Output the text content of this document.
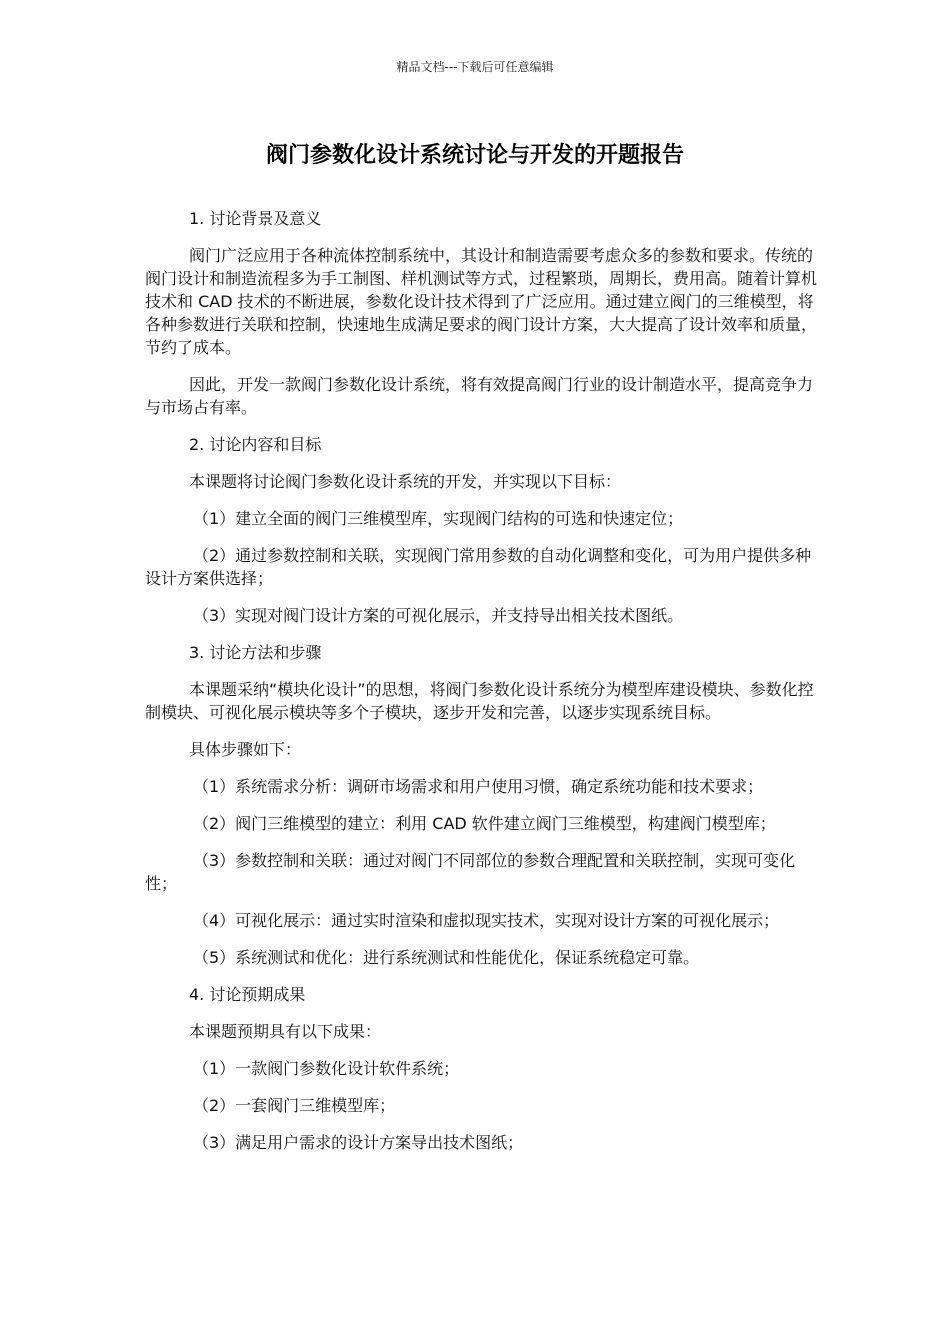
精品文档---下载后可任意编辑
阀门参数化设计系统讨论与开发的开题报告

1. 讨论背景及意义

阀门广泛应用于各种流体控制系统中，其设计和制造需要考虑众多的参数和要求。传统的阀门设计和制造流程多为手工制图、样机测试等方式，过程繁琐，周期长，费用高。随着计算机技术和 CAD 技术的不断进展，参数化设计技术得到了广泛应用。通过建立阀门的三维模型，将各种参数进行关联和控制，快速地生成满足要求的阀门设计方案，大大提高了设计效率和质量，节约了成本。

因此，开发一款阀门参数化设计系统，将有效提高阀门行业的设计制造水平，提高竞争力与市场占有率。

2. 讨论内容和目标

本课题将讨论阀门参数化设计系统的开发，并实现以下目标：

（1）建立全面的阀门三维模型库，实现阀门结构的可选和快速定位；

（2）通过参数控制和关联，实现阀门常用参数的自动化调整和变化，可为用户提供多种设计方案供选择；

（3）实现对阀门设计方案的可视化展示，并支持导出相关技术图纸。

3. 讨论方法和步骤

本课题采纳“模块化设计”的思想，将阀门参数化设计系统分为模型库建设模块、参数化控制模块、可视化展示模块等多个子模块，逐步开发和完善，以逐步实现系统目标。

具体步骤如下：

（1）系统需求分析：调研市场需求和用户使用习惯，确定系统功能和技术要求；

（2）阀门三维模型的建立：利用 CAD 软件建立阀门三维模型，构建阀门模型库；

（3）参数控制和关联：通过对阀门不同部位的参数合理配置和关联控制，实现可变化性；

（4）可视化展示：通过实时渲染和虚拟现实技术，实现对设计方案的可视化展示；

（5）系统测试和优化：进行系统测试和性能优化，保证系统稳定可靠。

4. 讨论预期成果

本课题预期具有以下成果：

（1）一款阀门参数化设计软件系统；

（2）一套阀门三维模型库；

（3）满足用户需求的设计方案导出技术图纸；
